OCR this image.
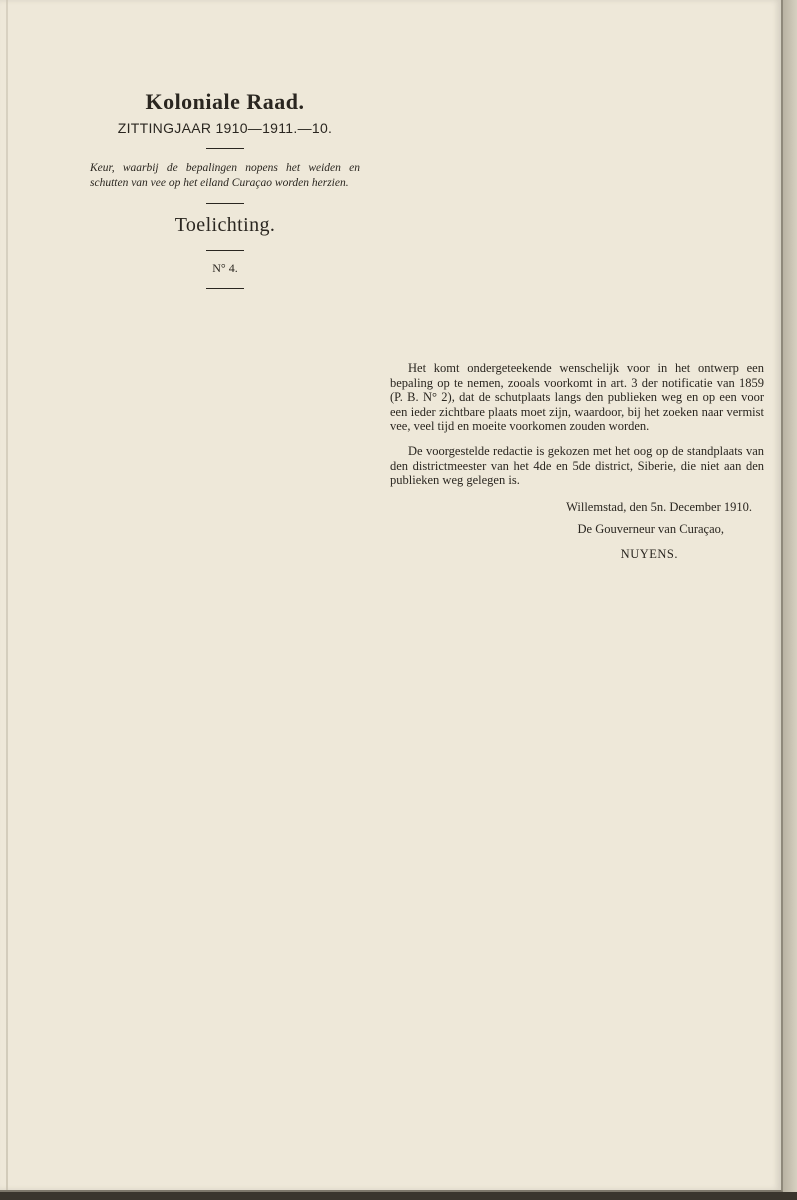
Koloniale Raad.
ZITTINGJAAR 1910—1911.—10.
Keur, waarbij de bepalingen nopens het weiden en schutten van vee op het eiland Curaçao worden herzien.
Toelichting.
N° 4.

Het komt ondergeteekende wenschelijk voor in het ontwerp een bepaling op te nemen, zooals voorkomt in art. 3 der notificatie van 1859 (P. B. N° 2), dat de schutplaats langs den publieken weg en op een voor een ieder zichtbare plaats moet zijn, waardoor, bij het zoeken naar vermist vee, veel tijd en moeite voorkomen zouden worden.

De voorgestelde redactie is gekozen met het oog op de standplaats van den districtmeester van het 4de en 5de district, Siberie, die niet aan den publieken weg gelegen is.

Willemstad, den 5n. December 1910.

De Gouverneur van Curaçao,

NUYENS.
